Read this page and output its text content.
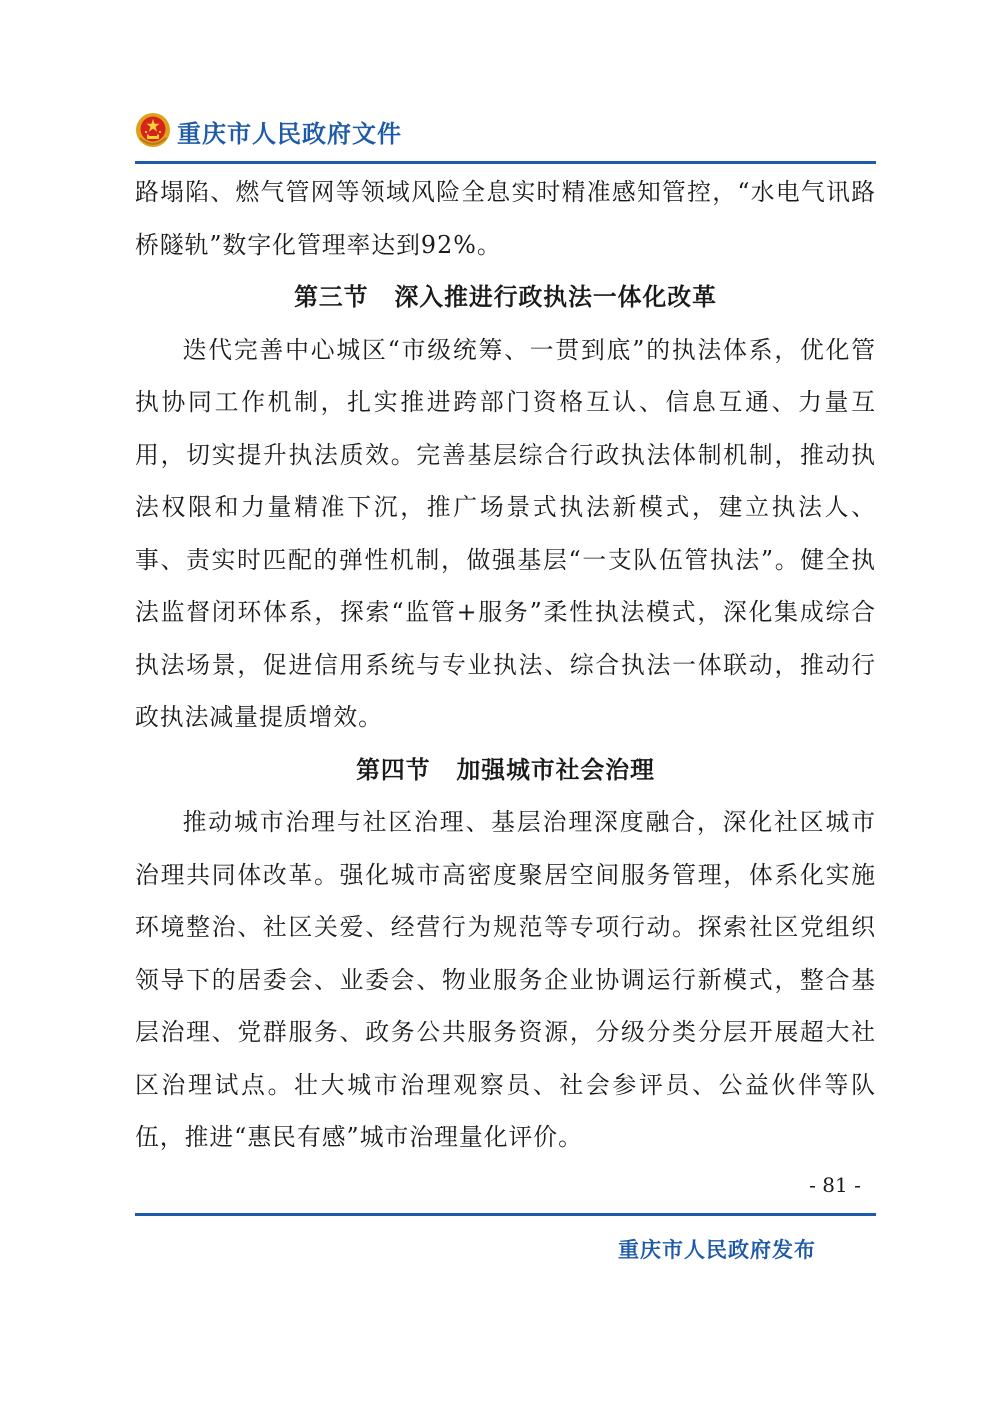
重庆市人民政府文件

路塌陷、燃气管网等领域风险全息实时精准感知管控，“水电气讯路桥隧轨”数字化管理率达到92%。

第三节 深入推进行政执法一体化改革

迭代完善中心城区“市级统筹、一贯到底”的执法体系，优化管执协同工作机制，扎实推进跨部门资格互认、信息互通、力量互用，切实提升执法质效。完善基层综合行政执法体制机制，推动执法权限和力量精准下沉，推广场景式执法新模式，建立执法人、事、责实时匹配的弹性机制，做强基层“一支队伍管执法”。健全执法监督闭环体系，探索“监管+服务”柔性执法模式，深化集成综合执法场景，促进信用系统与专业执法、综合执法一体联动，推动行政执法减量提质增效。

第四节 加强城市社会治理

推动城市治理与社区治理、基层治理深度融合，深化社区城市治理共同体改革。强化城市高密度聚居空间服务管理，体系化实施环境整治、社区关爱、经营行为规范等专项行动。探索社区党组织领导下的居委会、业委会、物业服务企业协调运行新模式，整合基层治理、党群服务、政务公共服务资源，分级分类分层开展超大社区治理试点。壮大城市治理观察员、社会参评员、公益伙伴等队伍，推进“惠民有感”城市治理量化评价。

- 81 -
重庆市人民政府发布
